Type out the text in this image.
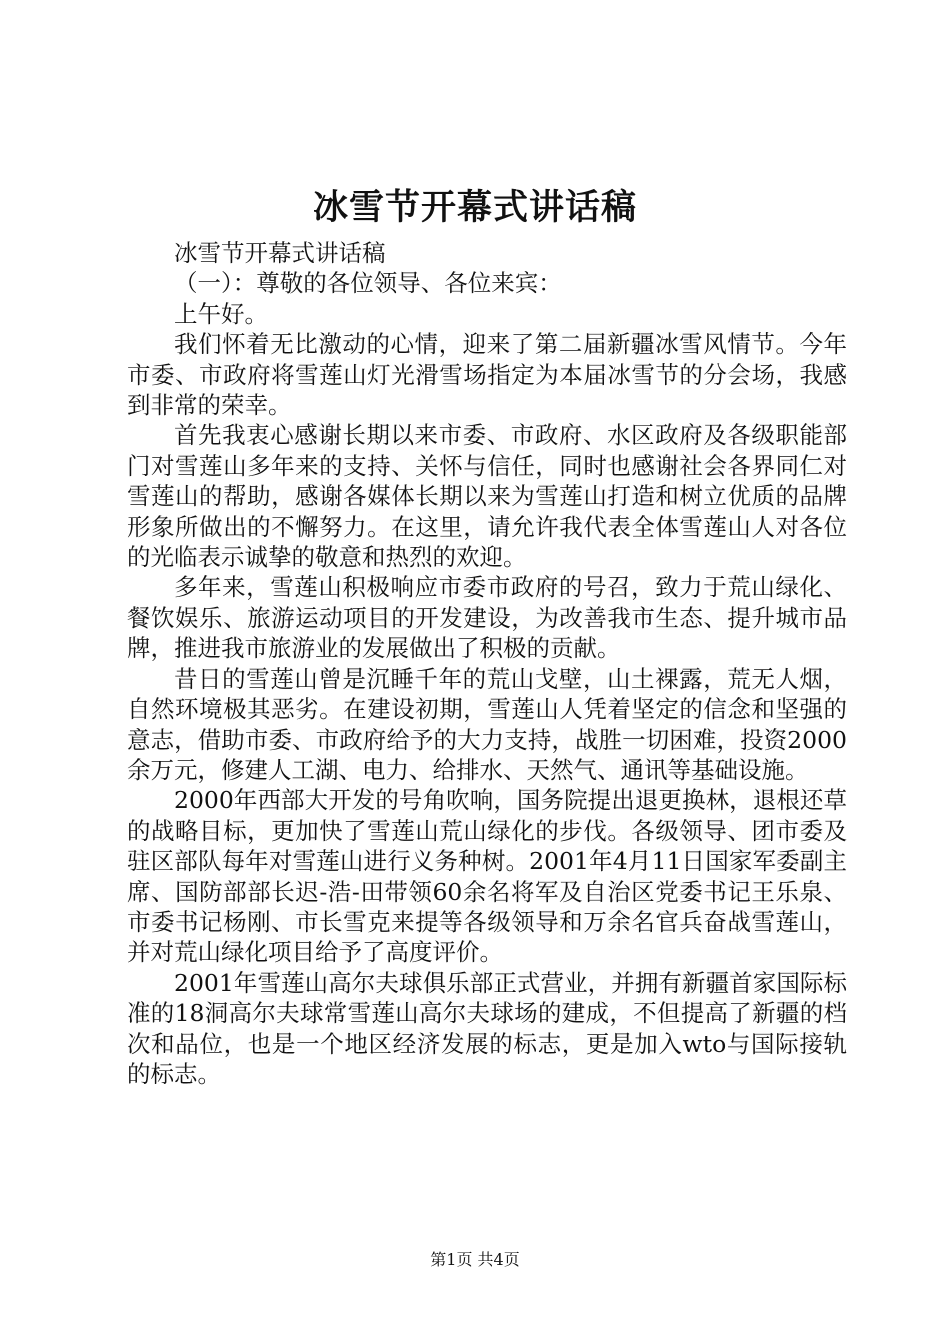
冰雪节开幕式讲话稿

冰雪节开幕式讲话稿

（一）：尊敬的各位领导、各位来宾：

上午好。

我们怀着无比激动的心情，迎来了第二届新疆冰雪风情节。今年市委、市政府将雪莲山灯光滑雪场指定为本届冰雪节的分会场，我感到非常的荣幸。

首先我衷心感谢长期以来市委、市政府、水区政府及各级职能部门对雪莲山多年来的支持、关怀与信任，同时也感谢社会各界同仁对雪莲山的帮助，感谢各媒体长期以来为雪莲山打造和树立优质的品牌形象所做出的不懈努力。在这里，请允许我代表全体雪莲山人对各位的光临表示诚挚的敬意和热烈的欢迎。

多年来，雪莲山积极响应市委市政府的号召，致力于荒山绿化、餐饮娱乐、旅游运动项目的开发建设，为改善我市生态、提升城市品牌，推进我市旅游业的发展做出了积极的贡献。

昔日的雪莲山曾是沉睡千年的荒山戈壁，山土裸露，荒无人烟，自然环境极其恶劣。在建设初期，雪莲山人凭着坚定的信念和坚强的意志，借助市委、市政府给予的大力支持，战胜一切困难，投资2000余万元，修建人工湖、电力、给排水、天然气、通讯等基础设施。

2000年西部大开发的号角吹响，国务院提出退更换林，退根还草的战略目标，更加快了雪莲山荒山绿化的步伐。各级领导、团市委及驻区部队每年对雪莲山进行义务种树。2001年4月11日国家军委副主席、国防部部长迟-浩-田带领60余名将军及自治区党委书记王乐泉、市委书记杨刚、市长雪克来提等各级领导和万余名官兵奋战雪莲山，并对荒山绿化项目给予了高度评价。

2001年雪莲山高尔夫球俱乐部正式营业，并拥有新疆首家国际标准的18洞高尔夫球常雪莲山高尔夫球场的建成，不但提高了新疆的档次和品位，也是一个地区经济发展的标志，更是加入wto与国际接轨的标志。

第1页 共4页
